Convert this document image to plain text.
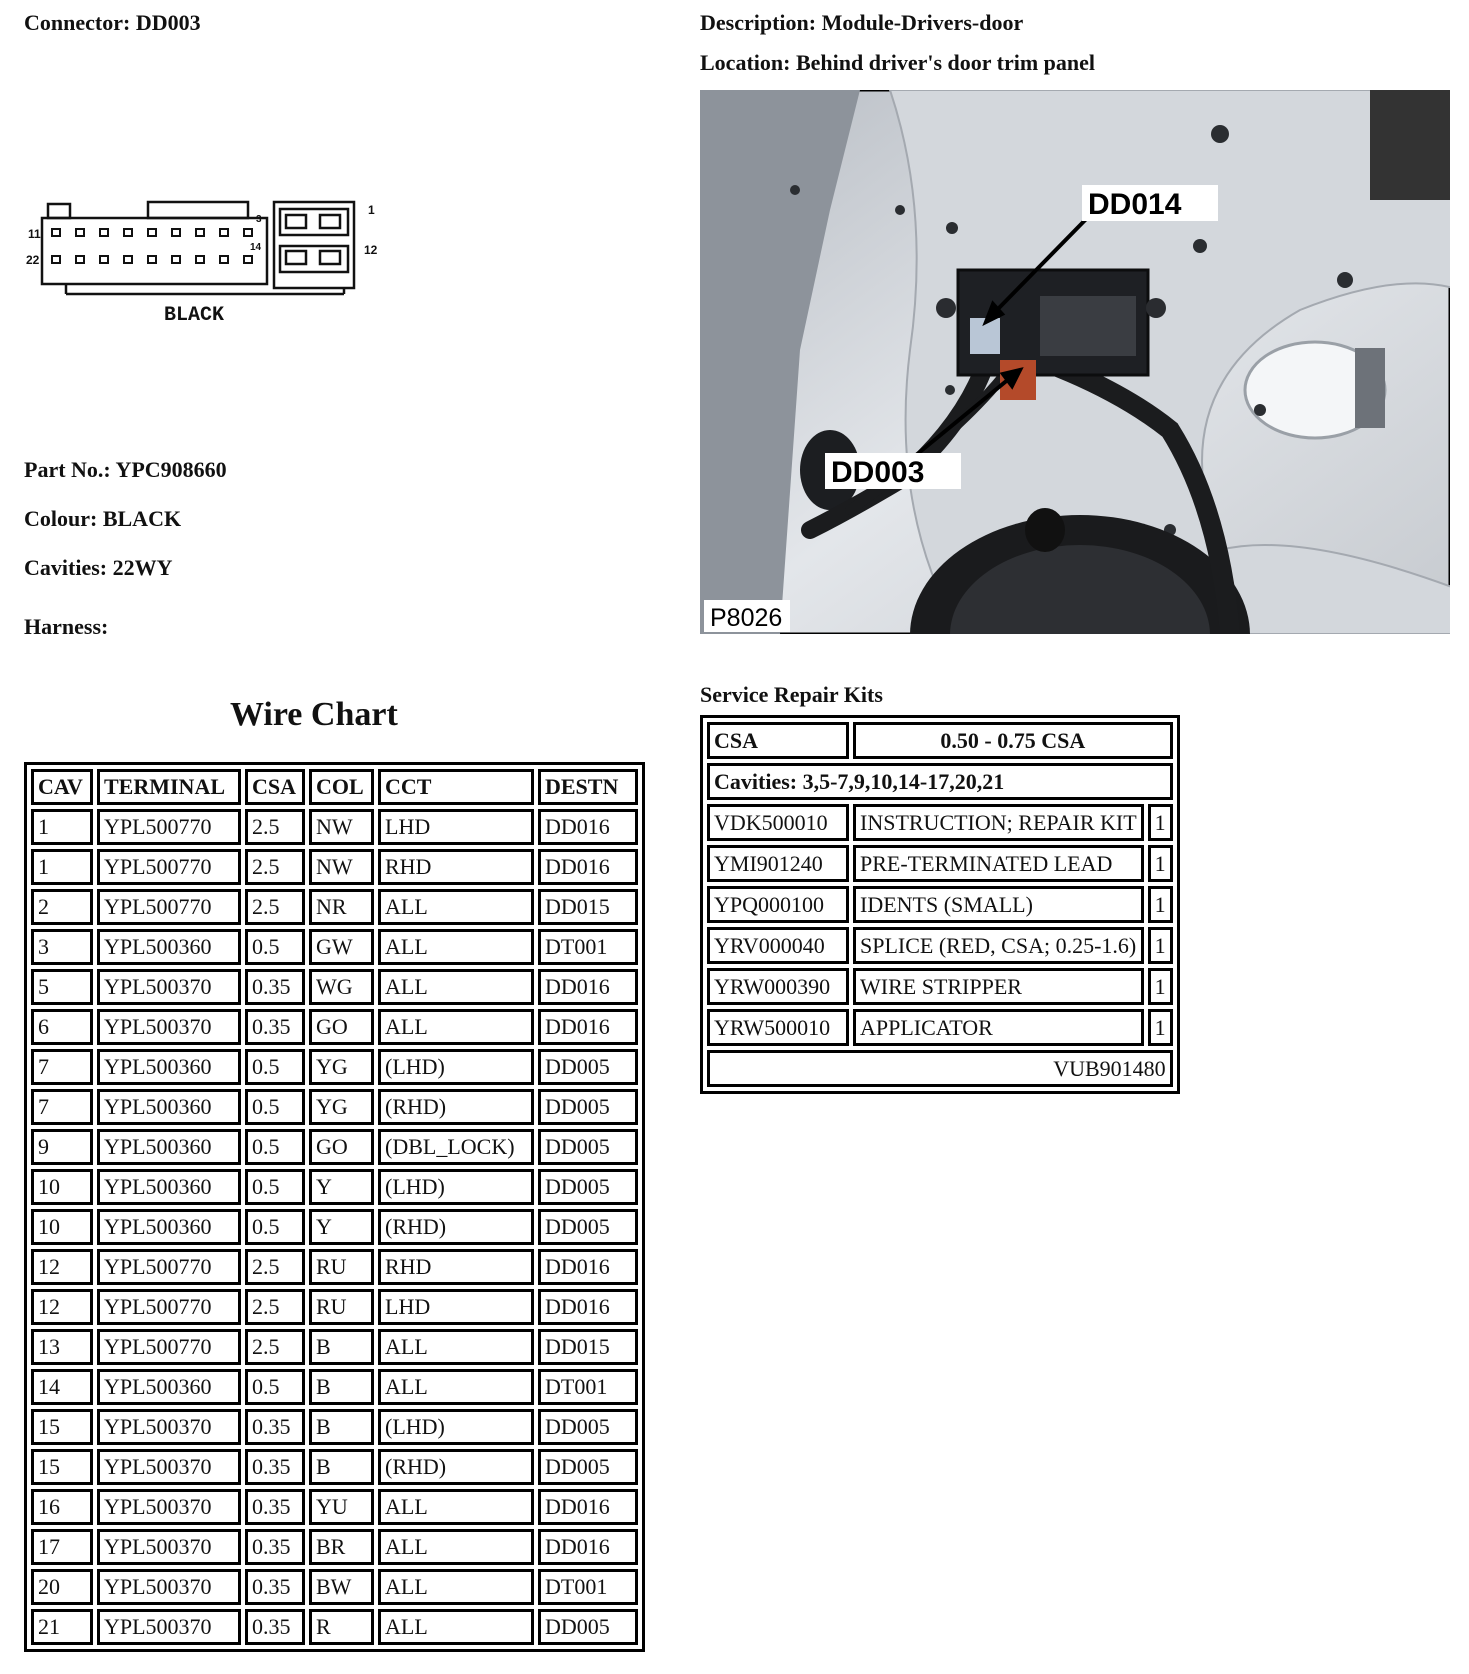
Connector: DD003	Description: Module-Drivers-door
Location: Behind driver's door trim panel
11
22
1
12
3
14
BLACK
DD014
DD003
P8026
Part No.: YPC908660
Colour: BLACK
Cavities: 22WY
Harness:
Wire Chart
CAV	TERMINAL	CSA	COL	CCT	DESTN
1	YPL500770	2.5	NW	LHD	DD016
1	YPL500770	2.5	NW	RHD	DD016
2	YPL500770	2.5	NR	ALL	DD015
3	YPL500360	0.5	GW	ALL	DT001
5	YPL500370	0.35	WG	ALL	DD016
6	YPL500370	0.35	GO	ALL	DD016
7	YPL500360	0.5	YG	(LHD)	DD005
7	YPL500360	0.5	YG	(RHD)	DD005
9	YPL500360	0.5	GO	(DBL_LOCK)	DD005
10	YPL500360	0.5	Y	(LHD)	DD005
10	YPL500360	0.5	Y	(RHD)	DD005
12	YPL500770	2.5	RU	RHD	DD016
12	YPL500770	2.5	RU	LHD	DD016
13	YPL500770	2.5	B	ALL	DD015
14	YPL500360	0.5	B	ALL	DT001
15	YPL500370	0.35	B	(LHD)	DD005
15	YPL500370	0.35	B	(RHD)	DD005
16	YPL500370	0.35	YU	ALL	DD016
17	YPL500370	0.35	BR	ALL	DD016
20	YPL500370	0.35	BW	ALL	DT001
21	YPL500370	0.35	R	ALL	DD005
Service Repair Kits
CSA	0.50 - 0.75 CSA	
Cavities: 3,5-7,9,10,14-17,20,21		
VDK500010	INSTRUCTION; REPAIR KIT	1
YMI901240	PRE-TERMINATED LEAD	1
YPQ000100	IDENTS (SMALL)	1
YRV000040	SPLICE (RED, CSA; 0.25-1.6)	1
YRW000390	WIRE STRIPPER	1
YRW500010	APPLICATOR	1
VUB901480		
